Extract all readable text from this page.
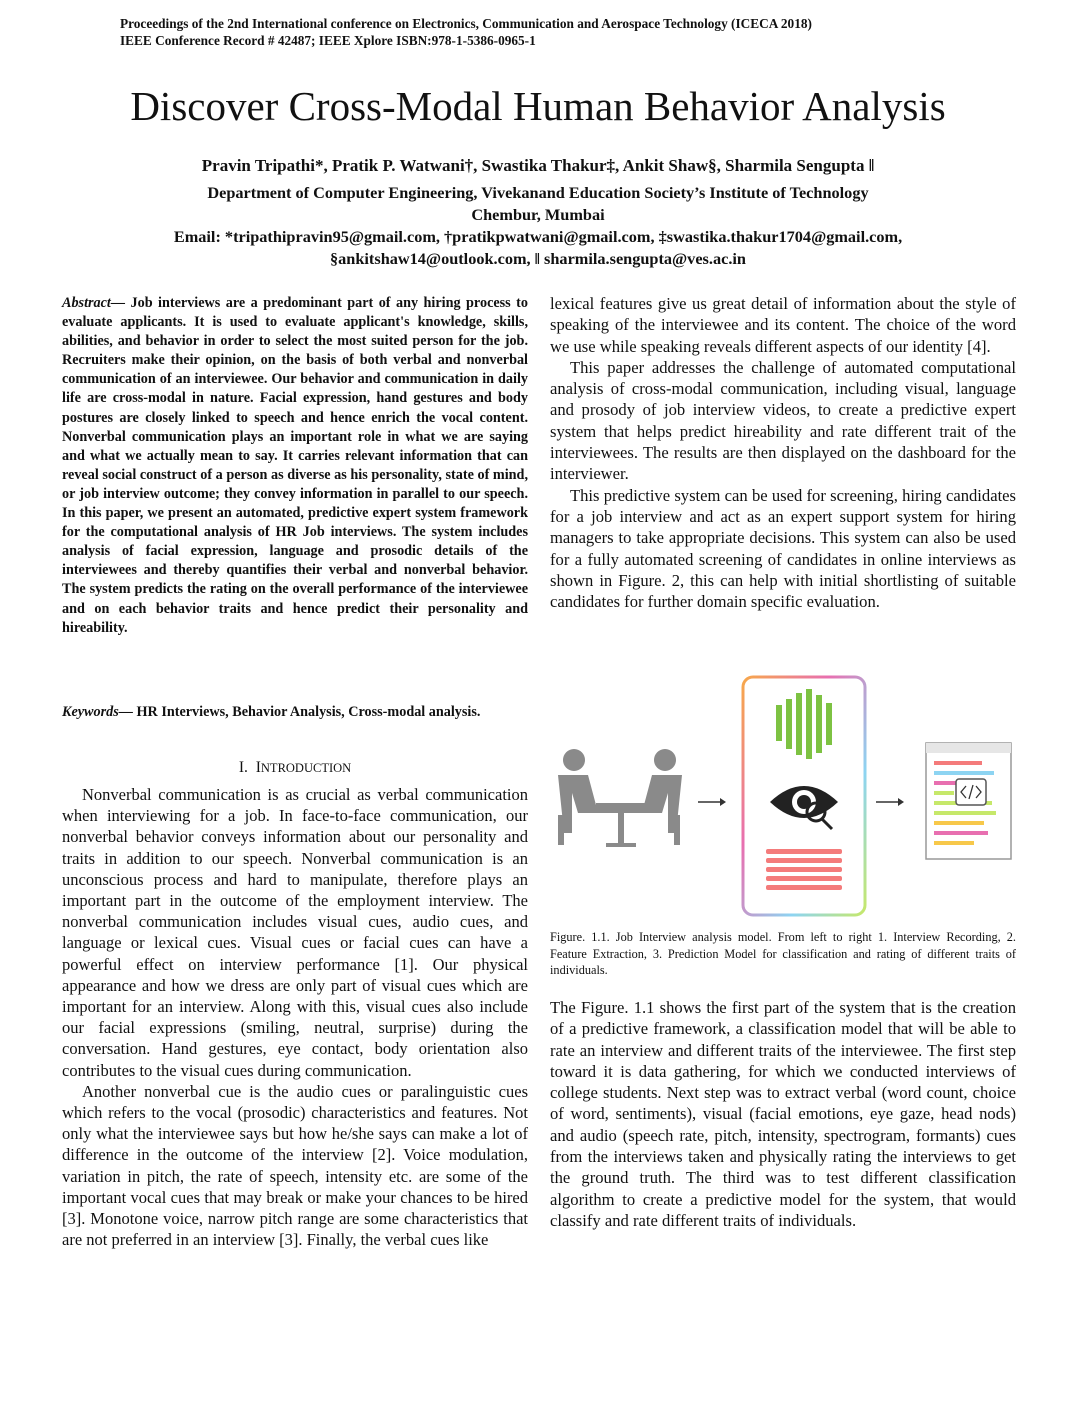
Proceedings of the 2nd International conference on Electronics, Communication and Aerospace Technology (ICECA 2018)
IEEE Conference Record # 42487; IEEE Xplore ISBN:978-1-5386-0965-1
Discover Cross-Modal Human Behavior Analysis
Pravin Tripathi*, Pratik P. Watwani†, Swastika Thakur‡, Ankit Shaw§, Sharmila Sengupta ‖
Department of Computer Engineering, Vivekanand Education Society’s Institute of Technology
Chembur, Mumbai
Email: *tripathipravin95@gmail.com, †pratikpwatwani@gmail.com, ‡swastika.thakur1704@gmail.com,
§ankitshaw14@outlook.com, ‖ sharmila.sengupta@ves.ac.in
Abstract— Job interviews are a predominant part of any hiring process to evaluate applicants. It is used to evaluate applicant's knowledge, skills, abilities, and behavior in order to select the most suited person for the job. Recruiters make their opinion, on the basis of both verbal and nonverbal communication of an interviewee. Our behavior and communication in daily life are cross-modal in nature. Facial expression, hand gestures and body postures are closely linked to speech and hence enrich the vocal content. Nonverbal communication plays an important role in what we are saying and what we actually mean to say. It carries relevant information that can reveal social construct of a person as diverse as his personality, state of mind, or job interview outcome; they convey information in parallel to our speech. In this paper, we present an automated, predictive expert system framework for the computational analysis of HR Job interviews. The system includes analysis of facial expression, language and prosodic details of the interviewees and thereby quantifies their verbal and nonverbal behavior. The system predicts the rating on the overall performance of the interviewee and on each behavior traits and hence predict their personality and hireability.
Keywords— HR Interviews, Behavior Analysis, Cross-modal analysis.
I. INTRODUCTION

Nonverbal communication is as crucial as verbal communication when interviewing for a job. In face-to-face communication, our nonverbal behavior conveys information about our personality and traits in addition to our speech. Nonverbal communication is an unconscious process and hard to manipulate, therefore plays an important part in the outcome of the employment interview. The nonverbal communication includes visual cues, audio cues, and language or lexical cues. Visual cues or facial cues can have a powerful effect on interview performance [1]. Our physical appearance and how we dress are only part of visual cues which are important for an interview. Along with this, visual cues also include our facial expressions (smiling, neutral, surprise) during the conversation. Hand gestures, eye contact, body orientation also contributes to the visual cues during communication.

Another nonverbal cue is the audio cues or paralinguistic cues which refers to the vocal (prosodic) characteristics and features. Not only what the interviewee says but how he/she says can make a lot of difference in the outcome of the interview [2]. Voice modulation, variation in pitch, the rate of speech, intensity etc. are some of the important vocal cues that may break or make your chances to be hired [3]. Monotone voice, narrow pitch range are some characteristics that are not preferred in an interview [3]. Finally, the verbal cues like

lexical features give us great detail of information about the style of speaking of the interviewee and its content. The choice of the word we use while speaking reveals different aspects of our identity [4].

This paper addresses the challenge of automated computational analysis of cross-modal communication, including visual, language and prosody of job interview videos, to create a predictive expert system that helps predict hireability and rate different trait of the interviewees. The results are then displayed on the dashboard for the interviewer.

This predictive system can be used for screening, hiring candidates for a job interview and act as an expert support system for hiring managers to take appropriate decisions. This system can also be used for a fully automated screening of candidates in online interviews as shown in Figure. 2, this can help with initial shortlisting of suitable candidates for further domain specific evaluation.

Figure. 1.1. Job Interview analysis model. From left to right 1. Interview Recording, 2. Feature Extraction, 3. Prediction Model for classification and rating of different traits of individuals.

The Figure. 1.1 shows the first part of the system that is the creation of a predictive framework, a classification model that will be able to rate an interview and different traits of the interviewee. The first step toward it is data gathering, for which we conducted interviews of college students. Next step was to extract verbal (word count, choice of word, sentiments), visual (facial emotions, eye gaze, head nods) and audio (speech rate, pitch, intensity, spectrogram, formants) cues from the interviews taken and physically rating the interviews to get the ground truth. The third was to test different classification algorithm to create a predictive model for the system, that would classify and rate different traits of individuals.
